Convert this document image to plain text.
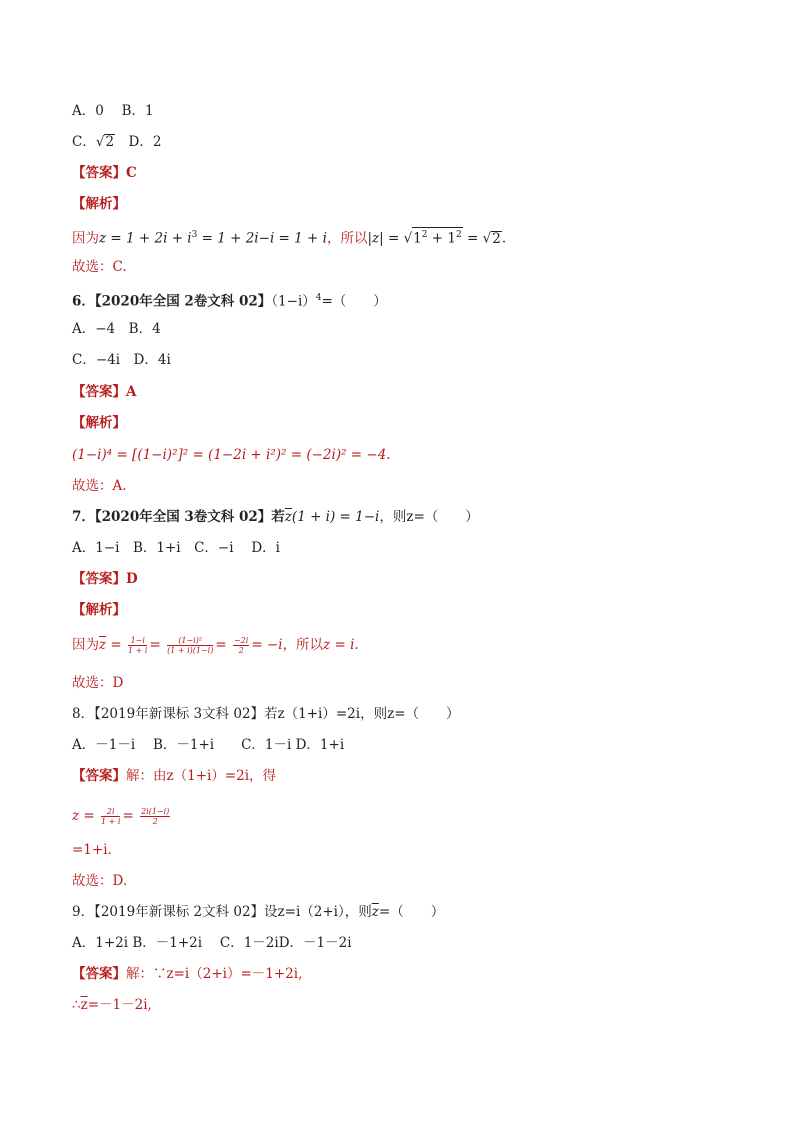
A．0　 B．1
C．√2　D．2
【答案】C
【解析】
因为$z = 1 + 2i + i^3 = 1 + 2i-i = 1 + i$，所以$|z| = √1^2 + 1^2 = √2$.
故选：C.
6．【2020年全国 2卷文科 02】$(1-i)^4=$（　　）
A．−4　B．4
C．−4i　D．4i
【答案】A
【解析】
(1−i)⁴ = [(1−i)²]² = (1−2i + i²)² = (−2i)² = −4.
故选：A.
7．【2020年全国 3卷文科 02】若$\overline{z}(1 + i) = 1-i$，则z=（　　）
A．1−i　B．1+i　C．−i　 D．i
【答案】D
【解析】
因为$\overline{z} = \frac{1-i}{1 + i} = \frac{\text{(1−i)²}}{(1 + i)(1-i)} = \frac{-2i}{2} = -i$，所以z = i.
故选：D
8．【2019年新课标 3文科 02】若z（1+i）=2i，则z=（　　）
A．－1－i　 B．－1+i　　C．1－i D．1+i
【答案】解：由z（1+i）=2i，得
$z = \frac{2i}{1 + i} = \frac{2i(1-i)}{2}$
=1+i.
故选：D.
9．【2019年新课标 2文科 02】设z=i（2+i），则$\overline{z}=$（　　）
A．1+2i B．－1+2i　 C．1－2iD．－1－2i
【答案】解：∵z=i（2+i）=－1+2i,
$\therefore\overline{z}=-1-2i$,
